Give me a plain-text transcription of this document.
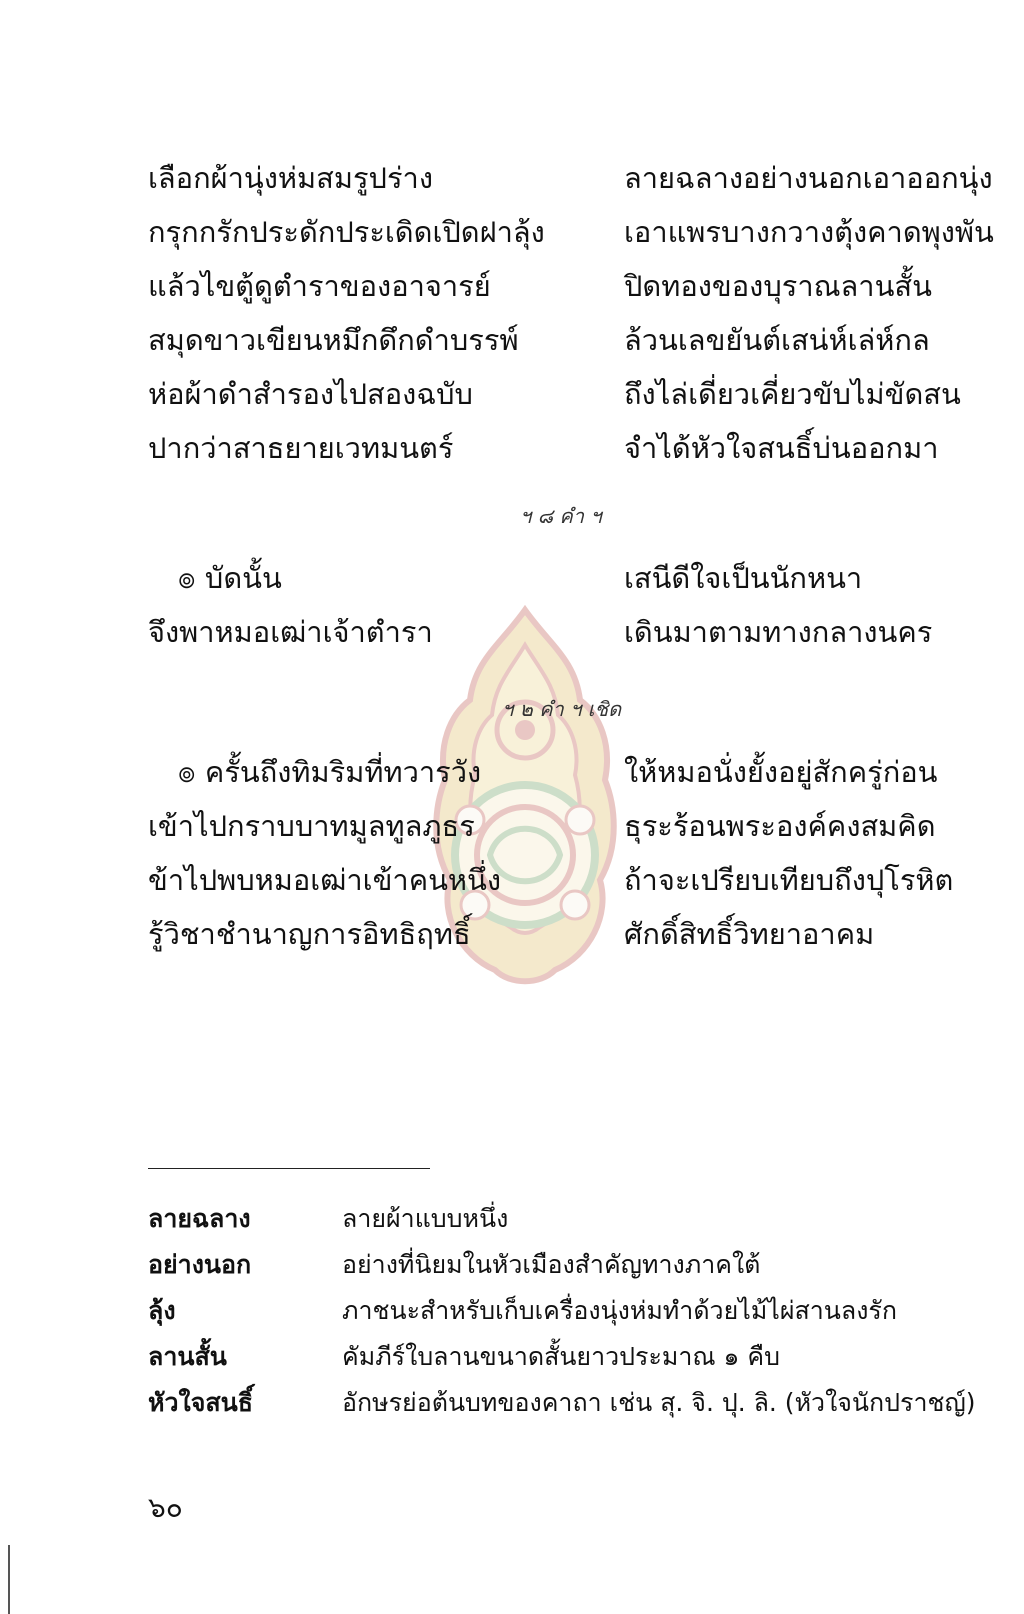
เลือกผ้านุ่งห่มสมรูปร่าง	ลายฉลางอย่างนอกเอาออกนุ่ง
กรุกกรักประดักประเดิดเปิดฝาลุ้ง	เอาแพรบางกวางตุ้งคาดพุงพัน
แล้วไขตู้ดูตำราของอาจารย์	ปิดทองของบุราณลานสั้น
สมุดขาวเขียนหมึกดึกดำบรรพ์	ล้วนเลขยันต์เสน่ห์เล่ห์กล
ห่อผ้าดำสำรองไปสองฉบับ	ถึงไล่เดี่ยวเคี่ยวขับไม่ขัดสน
ปากว่าสาธยายเวทมนตร์	จำได้หัวใจสนธิ์บ่นออกมา
ฯ ๘ คำ ฯ
๏ บัดนั้น	เสนีดีใจเป็นนักหนา
จึงพาหมอเฒ่าเจ้าตำรา	เดินมาตามทางกลางนคร
ฯ ๒ คำ ฯ เชิด
๏ ครั้นถึงทิมริมที่ทวารวัง	ให้หมอนั่งยั้งอยู่สักครู่ก่อน
เข้าไปกราบบาทมูลทูลภูธร	ธุระร้อนพระองค์คงสมคิด
ข้าไปพบหมอเฒ่าเข้าคนหนึ่ง	ถ้าจะเปรียบเทียบถึงปุโรหิต
รู้วิชาชำนาญการอิทธิฤทธิ์	ศักดิ์สิทธิ์วิทยาอาคม
ลายฉลาง	ลายผ้าแบบหนึ่ง
อย่างนอก	อย่างที่นิยมในหัวเมืองสำคัญทางภาคใต้
ลุ้ง	ภาชนะสำหรับเก็บเครื่องนุ่งห่มทำด้วยไม้ไผ่สานลงรัก
ลานสั้น	คัมภีร์ใบลานขนาดสั้นยาวประมาณ ๑ คืบ
หัวใจสนธิ์	อักษรย่อต้นบทของคาถา เช่น สุ. จิ. ปุ. ลิ. (หัวใจนักปราชญ์)
๖๐
